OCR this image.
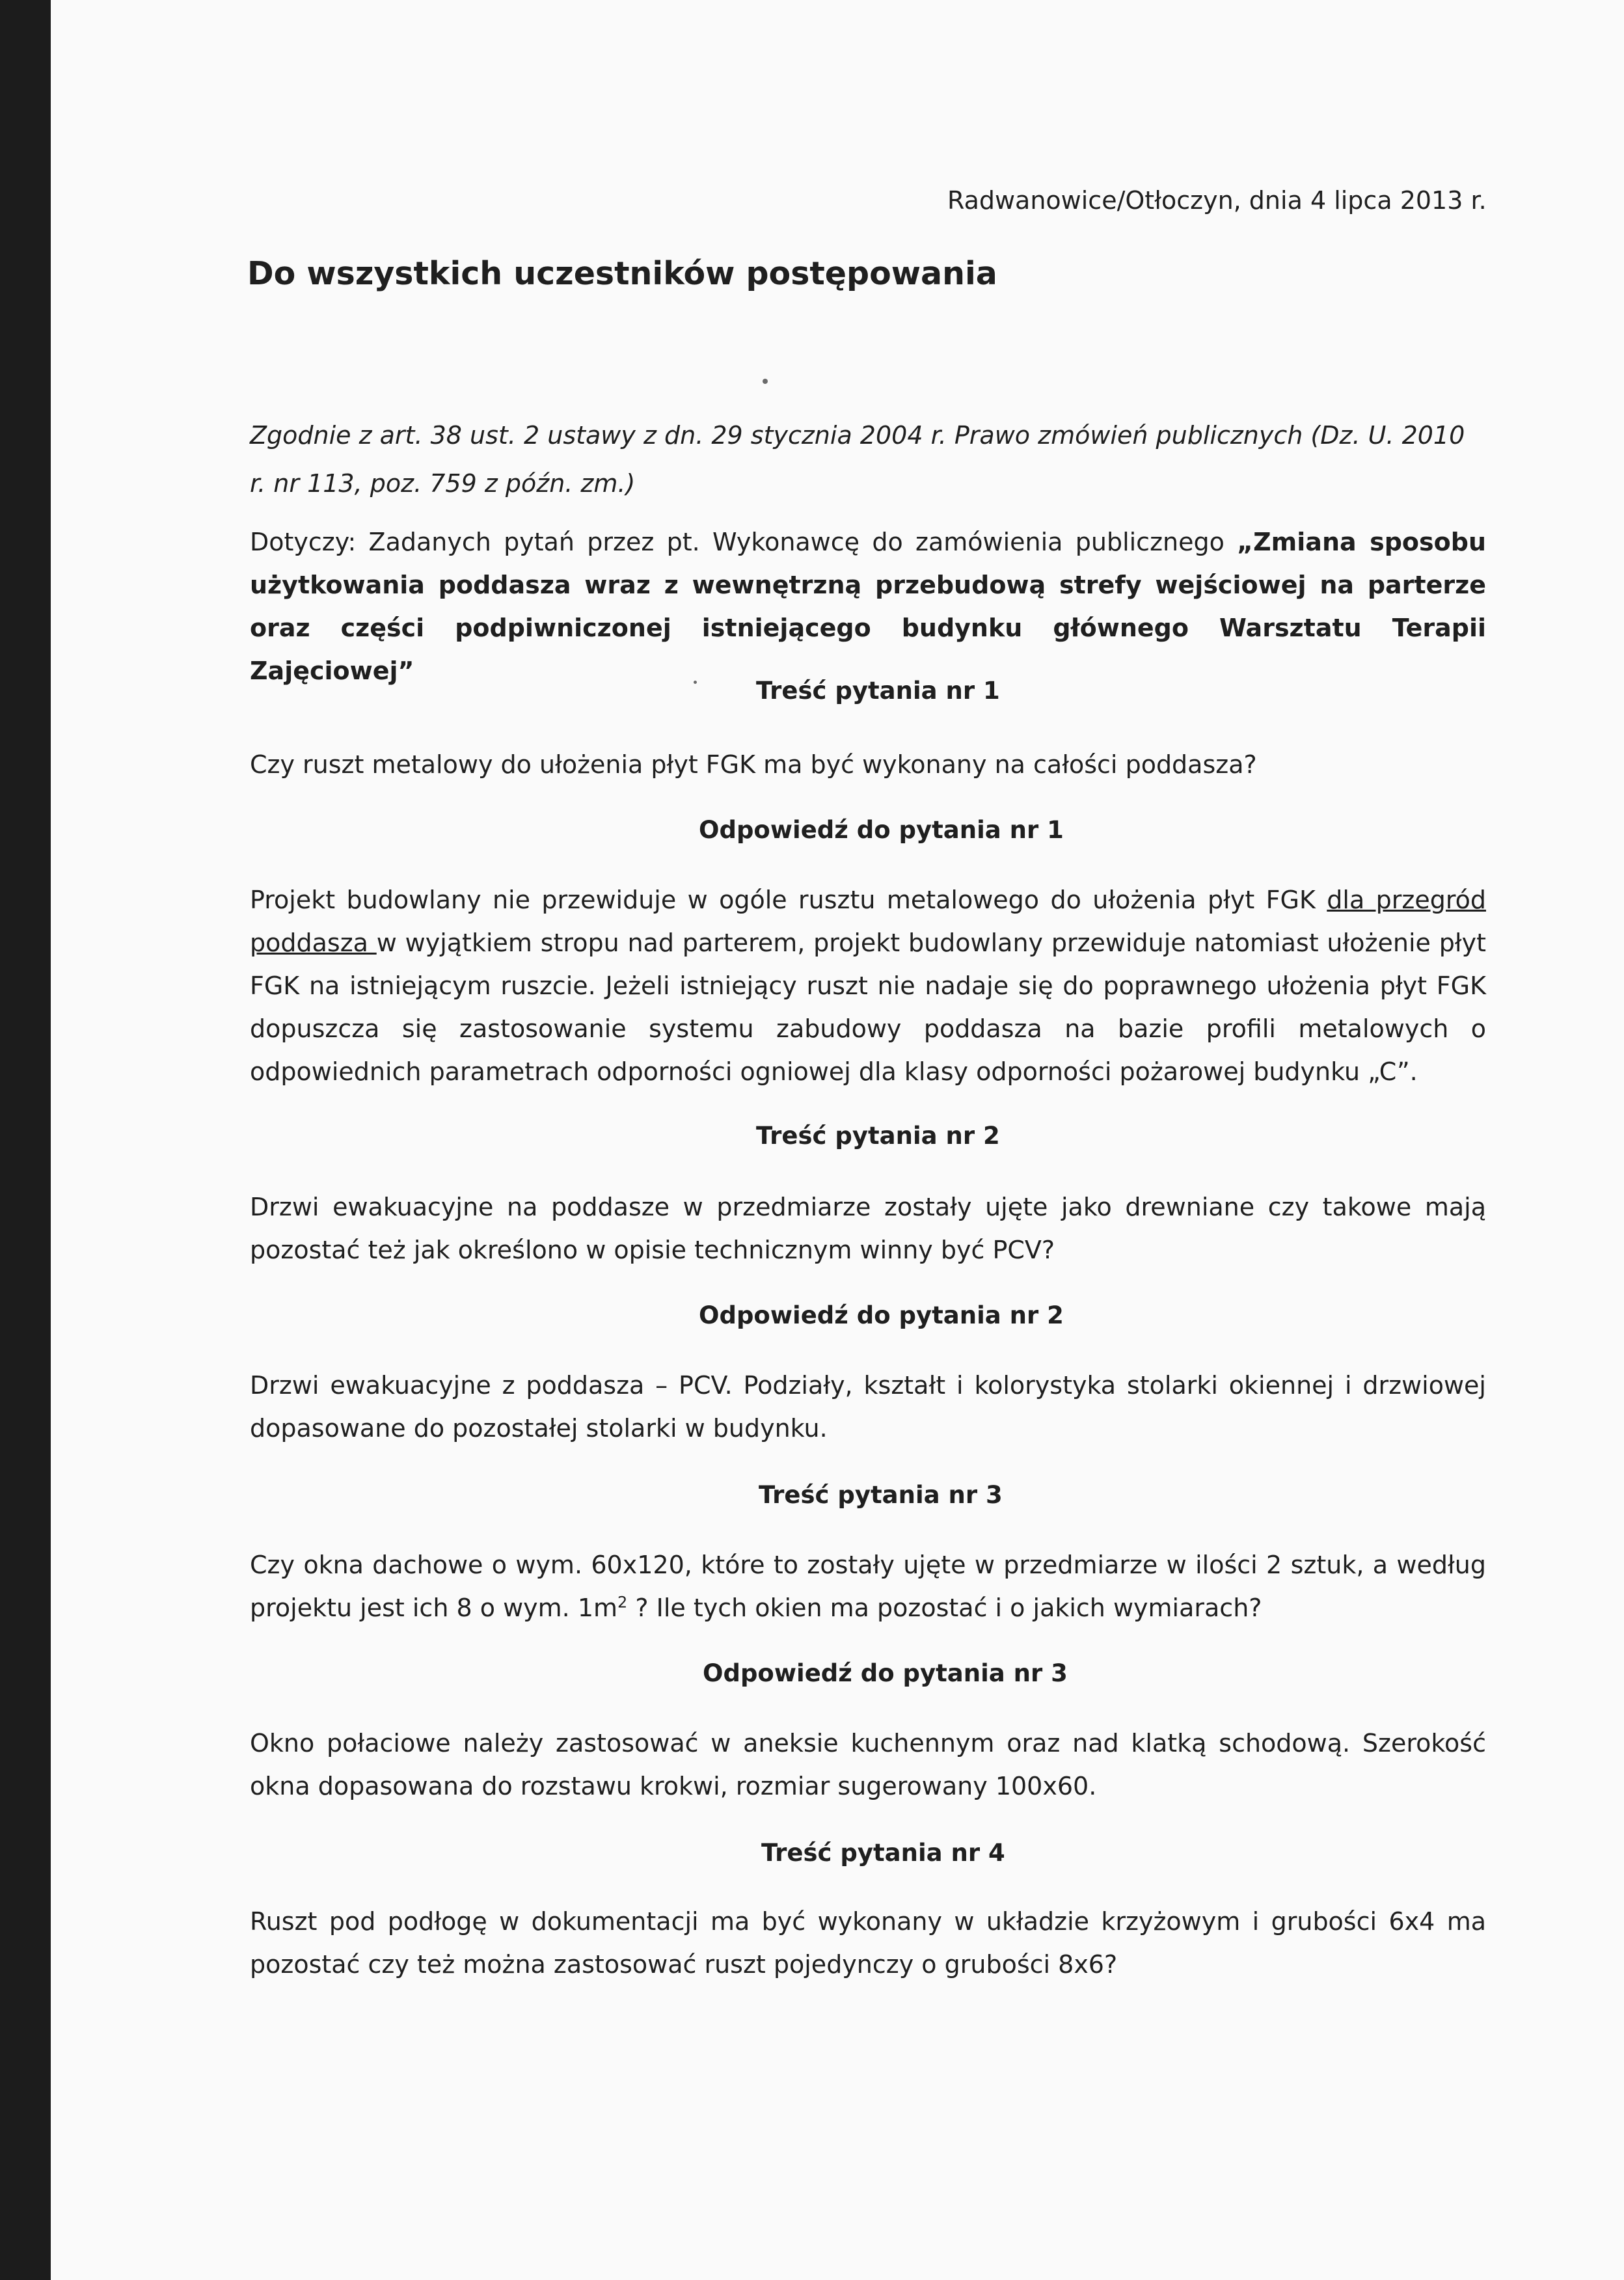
Radwanowice/Otłoczyn, dnia 4 lipca 2013 r.

Do wszystkich uczestników postępowania

Zgodnie z art. 38 ust. 2 ustawy z dn. 29 stycznia 2004 r. Prawo zmówień publicznych (Dz. U. 2010 r. nr 113, poz. 759 z późn. zm.)

Dotyczy: Zadanych pytań przez pt. Wykonawcę do zamówienia publicznego „Zmiana sposobu użytkowania poddasza wraz z wewnętrzną przebudową strefy wejściowej na parterze oraz części podpiwniczonej istniejącego budynku głównego Warsztatu Terapii Zajęciowej”

Treść pytania nr 1

Czy ruszt metalowy do ułożenia płyt FGK ma być wykonany na całości poddasza?

Odpowiedź do pytania nr 1

Projekt budowlany nie przewiduje w ogóle rusztu metalowego do ułożenia płyt FGK dla przegród poddasza w wyjątkiem stropu nad parterem, projekt budowlany przewiduje natomiast ułożenie płyt FGK na istniejącym ruszcie. Jeżeli istniejący ruszt nie nadaje się do poprawnego ułożenia płyt FGK dopuszcza się zastosowanie systemu zabudowy poddasza na bazie profili metalowych o odpowiednich parametrach odporności ogniowej dla klasy odporności pożarowej budynku „C”.

Treść pytania nr 2

Drzwi ewakuacyjne na poddasze w przedmiarze zostały ujęte jako drewniane czy takowe mają pozostać też jak określono w opisie technicznym winny być PCV?

Odpowiedź do pytania nr 2

Drzwi ewakuacyjne z poddasza – PCV. Podziały, kształt i kolorystyka stolarki okiennej i drzwiowej dopasowane do pozostałej stolarki w budynku.

Treść pytania nr 3

Czy okna dachowe o wym. 60x120, które to zostały ujęte w przedmiarze w ilości 2 sztuk, a według projektu jest ich 8 o wym. $1m^2$ ? Ile tych okien ma pozostać i o jakich wymiarach?

Odpowiedź do pytania nr 3

Okno połaciowe należy zastosować w aneksie kuchennym oraz nad klatką schodową. Szerokość okna dopasowana do rozstawu krokwi, rozmiar sugerowany 100x60.

Treść pytania nr 4

Ruszt pod podłogę w dokumentacji ma być wykonany w układzie krzyżowym i grubości 6x4 ma pozostać czy też można zastosować ruszt pojedynczy o grubości 8x6?
